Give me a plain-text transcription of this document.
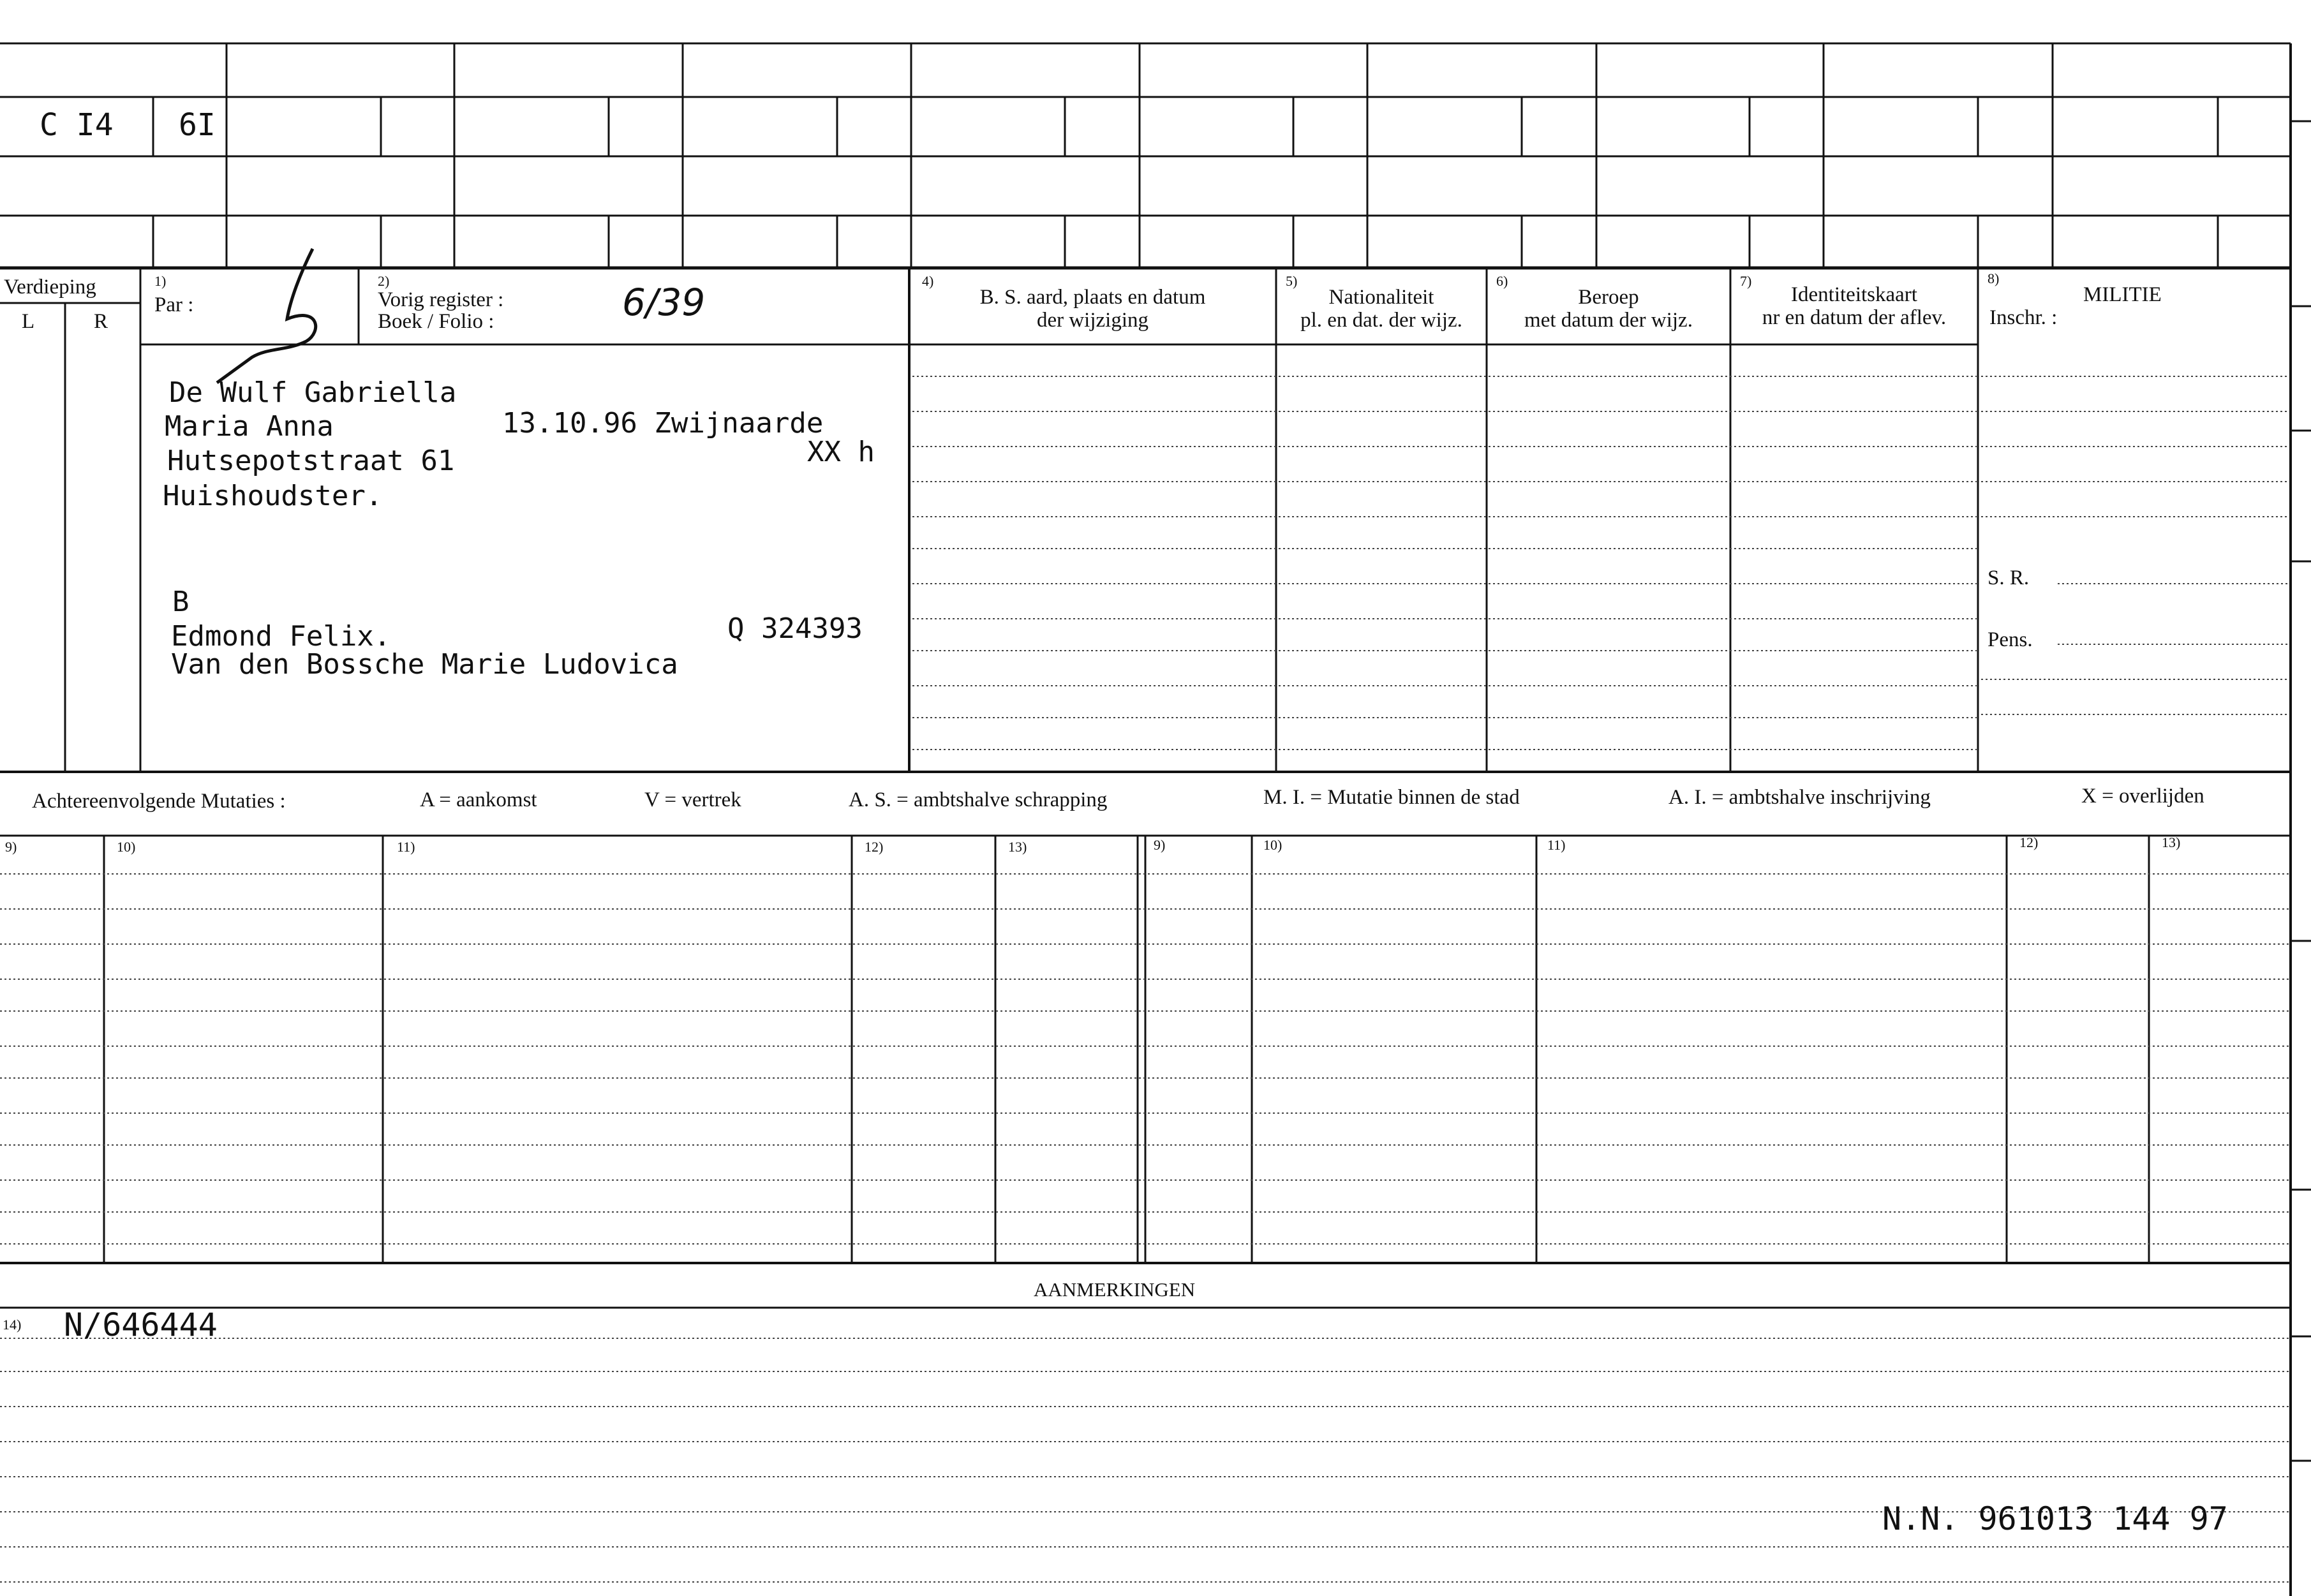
C I4 6I
Verdieping
L	R
1)
Par :
2)
Vorig register :
Boek / Folio :	6/39	4)
B. S. aard, plaats en datum
der wijziging
5)
Nationaliteit
pl. en dat. der wijz.
6)
Beroep
met datum der wijz.
7)
Identiteitskaart
nr en datum der aflev.
8)
MILITIE
Inschr. :
S. R.
Pens.
De Wulf Gabriella
Maria Anna	13.10.96 Zwijnaarde
Hutsepotstraat 61	XX h
Huishoudster.
B
Edmond Felix.	Q 324393
Van den Bossche Marie Ludovica
Achtereenvolgende Mutaties :	A = aankomst	V = vertrek	A. S. = ambtshalve schrapping	M. I. = Mutatie binnen de stad	A. I. = ambtshalve inschrijving	X = overlijden
9)	10)	11)	12)	13)	9)	10)	11)	12)	13)
AANMERKINGEN
14) N/646444
N.N. 961013 144 97
